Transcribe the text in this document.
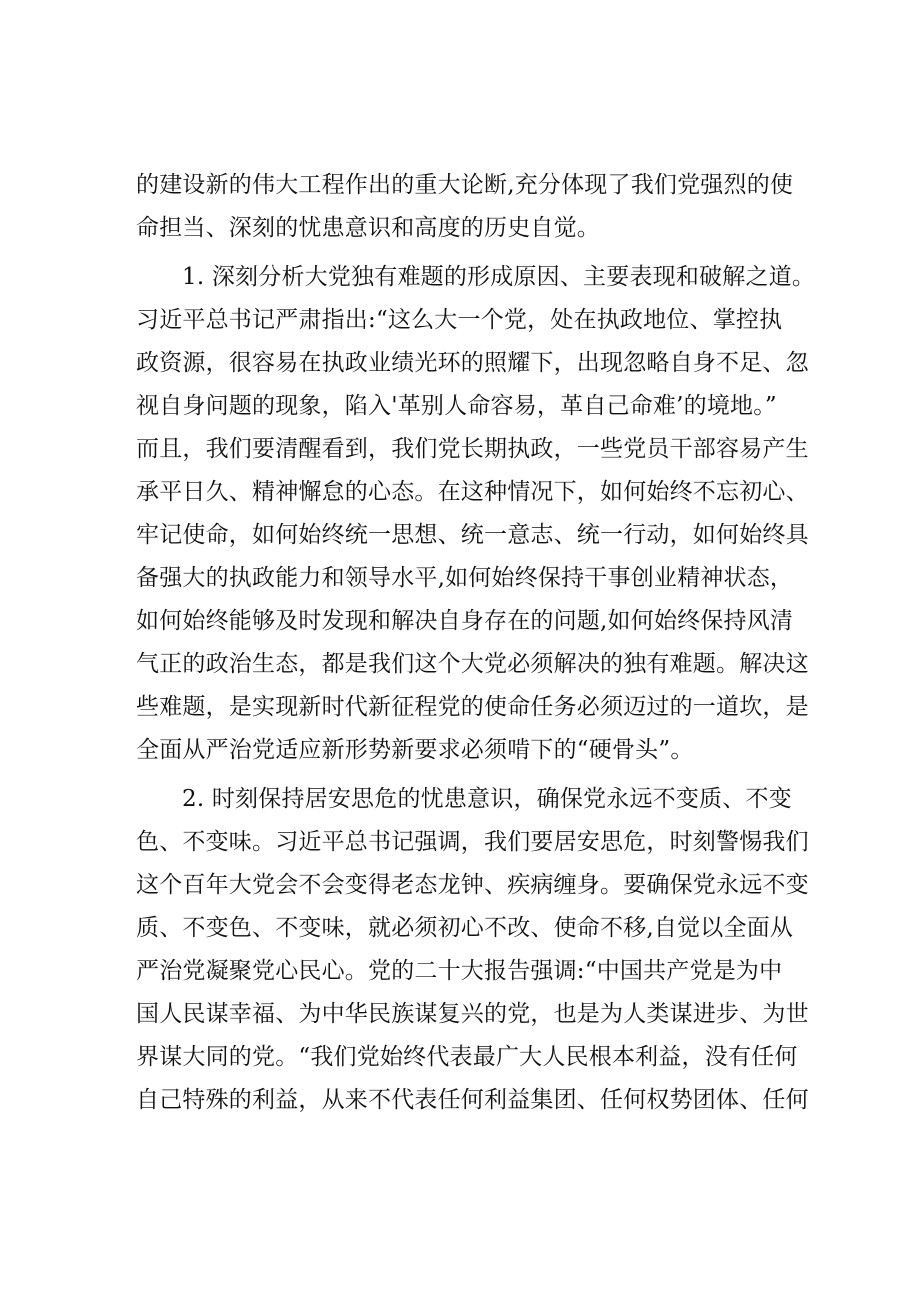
的建设新的伟大工程作出的重大论断,充分体现了我们党强烈的使
命担当、深刻的忧患意识和高度的历史自觉。
1. 深刻分析大党独有难题的形成原因、主要表现和破解之道。
习近平总书记严肃指出:“这么大一个党，处在执政地位、掌控执
政资源，很容易在执政业绩光环的照耀下，出现忽略自身不足、忽
视自身问题的现象，陷入'革别人命容易，革自己命难’的境地。”
而且，我们要清醒看到，我们党长期执政，一些党员干部容易产生
承平日久、精神懈怠的心态。在这种情况下，如何始终不忘初心、
牢记使命，如何始终统一思想、统一意志、统一行动，如何始终具
备强大的执政能力和领导水平,如何始终保持干事创业精神状态，
如何始终能够及时发现和解决自身存在的问题,如何始终保持风清
气正的政治生态，都是我们这个大党必须解决的独有难题。解决这
些难题，是实现新时代新征程党的使命任务必须迈过的一道坎，是
全面从严治党适应新形势新要求必须啃下的“硬骨头”。
2. 时刻保持居安思危的忧患意识，确保党永远不变质、不变
色、不变味。习近平总书记强调，我们要居安思危，时刻警惕我们
这个百年大党会不会变得老态龙钟、疾病缠身。要确保党永远不变
质、不变色、不变味，就必须初心不改、使命不移,自觉以全面从
严治党凝聚党心民心。党的二十大报告强调:“中国共产党是为中
国人民谋幸福、为中华民族谋复兴的党，也是为人类谋进步、为世
界谋大同的党。“我们党始终代表最广大人民根本利益，没有任何
自己特殊的利益，从来不代表任何利益集团、任何权势团体、任何
